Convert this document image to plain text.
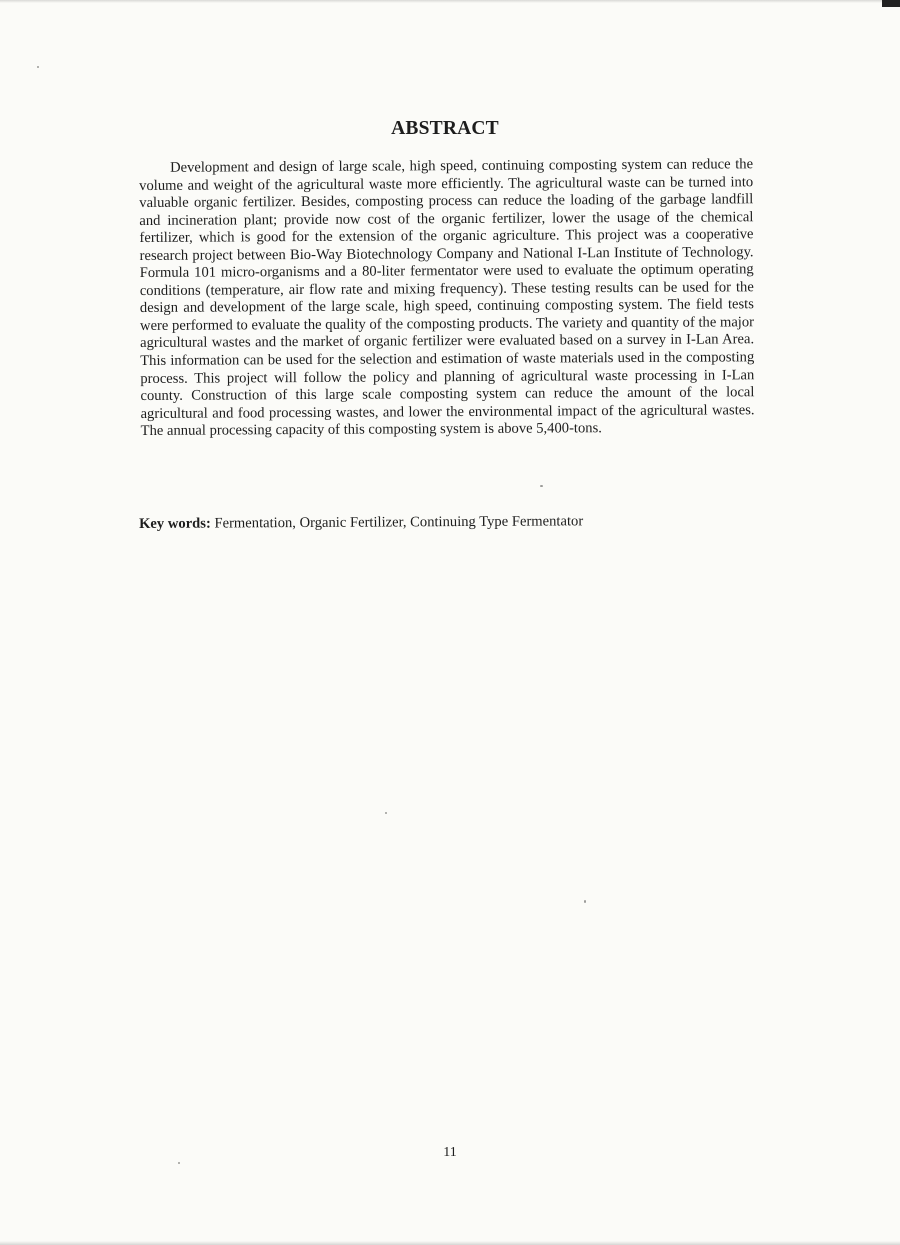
ABSTRACT

Development and design of large scale, high speed, continuing composting system can reduce the volume and weight of the agricultural waste more efficiently. The agricultural waste can be turned into valuable organic fertilizer. Besides, composting process can reduce the loading of the garbage landfill and incineration plant; provide now cost of the organic fertilizer, lower the usage of the chemical fertilizer, which is good for the extension of the organic agriculture. This project was a cooperative research project between Bio-Way Biotechnology Company and National I-Lan Institute of Technology. Formula 101 micro-organisms and a 80-liter fermentator were used to evaluate the optimum operating conditions (temperature, air flow rate and mixing frequency). These testing results can be used for the design and development of the large scale, high speed, continuing composting system. The field tests were performed to evaluate the quality of the composting products. The variety and quantity of the major agricultural wastes and the market of organic fertilizer were evaluated based on a survey in I-Lan Area. This information can be used for the selection and estimation of waste materials used in the composting process. This project will follow the policy and planning of agricultural waste processing in I-Lan county. Construction of this large scale composting system can reduce the amount of the local agricultural and food processing wastes, and lower the environmental impact of the agricultural wastes. The annual processing capacity of this composting system is above 5,400-tons.

Key words: Fermentation, Organic Fertilizer, Continuing Type Fermentator

11
